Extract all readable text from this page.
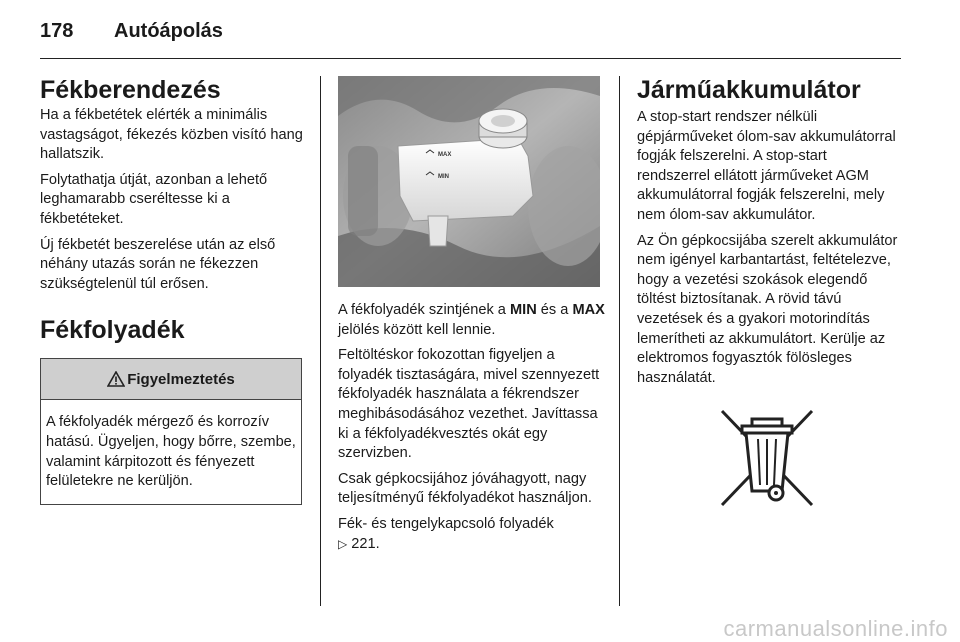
178 Autóápolás
Fékberendezés

Ha a fékbetétek elérték a minimális vastagságot, fékezés közben visító hang hallatszik.

Folytathatja útját, azonban a lehető leghamarabb cseréltesse ki a fékbetéteket.

Új fékbetét beszerelése után az első néhány utazás során ne fékezzen szükségtelenül túl erősen.

Fékfolyadék
Figyelmeztetés
A fékfolyadék mérgező és korrozív hatású. Ügyeljen, hogy bőrre, szembe, valamint kárpitozott és fényezett felületekre ne kerüljön.
MAX
MIN

A fékfolyadék szintjének a MIN és a MAX jelölés között kell lennie.

Feltöltéskor fokozottan figyeljen a folyadék tisztaságára, mivel szennyezett fékfolyadék használata a fékrendszer meghibásodásához vezethet. Javíttassa ki a fékfolyadékvesztés okát egy szervizben.

Csak gépkocsijához jóváhagyott, nagy teljesítményű fékfolyadékot használjon.

Fék- és tengelykapcsoló folyadék
▷ 221.

Járműakkumulátor

A stop-start rendszer nélküli gépjárműveket ólom-sav akkumulátorral fogják felszerelni. A stop-start rendszerrel ellátott járműveket AGM akkumulátorral fogják felszerelni, mely nem ólom-sav akkumulátor.

Az Ön gépkocsijába szerelt akkumulátor nem igényel karbantartást, feltételezve, hogy a vezetési szokások elegendő töltést biztosítanak. A rövid távú vezetések és a gyakori motorindítás lemerítheti az akkumulátort. Kerülje az elektromos fogyasztók fölösleges használatát.

carmanualsonline.info
